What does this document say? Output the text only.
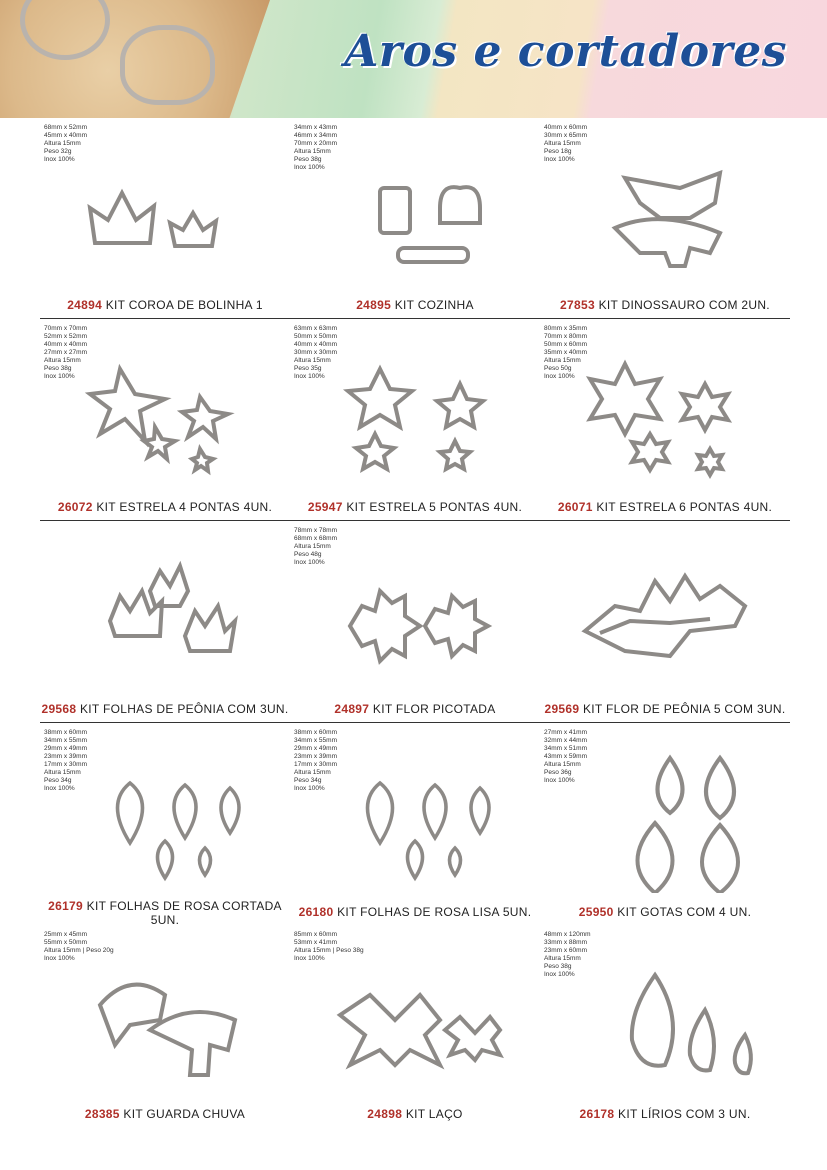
Aros e cortadores
68mm x 52mm
45mm x 40mm
Altura 15mm
Peso 32g
Inox 100%
24894 KIT COROA DE BOLINHA 1
34mm x 43mm
46mm x 34mm
70mm x 20mm
Altura 15mm
Peso 38g
Inox 100%
24895 KIT COZINHA
40mm x 60mm
30mm x 65mm
Altura 15mm
Peso 18g
Inox 100%
27853 KIT DINOSSAURO COM 2UN.
70mm x 70mm
52mm x 52mm
40mm x 40mm
27mm x 27mm
Altura 15mm
Peso 38g
Inox 100%
26072 KIT ESTRELA 4 PONTAS 4UN.
63mm x 63mm
50mm x 50mm
40mm x 40mm
30mm x 30mm
Altura 15mm
Peso 35g
Inox 100%
25947 KIT ESTRELA 5 PONTAS 4UN.
80mm x 35mm
70mm x 80mm
50mm x 60mm
35mm x 40mm
Altura 15mm
Peso 50g
Inox 100%
26071 KIT ESTRELA 6 PONTAS 4UN.
29568 KIT FOLHAS DE PEÔNIA COM 3UN.
78mm x 78mm
68mm x 68mm
Altura 15mm
Peso 48g
Inox 100%
24897 KIT FLOR PICOTADA	29569 KIT FLOR DE PEÔNIA 5 COM 3UN.
38mm x 60mm
34mm x 55mm
29mm x 49mm
23mm x 39mm
17mm x 30mm
Altura 15mm
Peso 34g
Inox 100%
26179 KIT FOLHAS DE ROSA CORTADA 5UN.
38mm x 60mm
34mm x 55mm
29mm x 49mm
23mm x 39mm
17mm x 30mm
Altura 15mm
Peso 34g
Inox 100%
26180 KIT FOLHAS DE ROSA LISA 5UN.
27mm x 41mm
32mm x 44mm
34mm x 51mm
43mm x 59mm
Altura 15mm
Peso 36g
Inox 100%
25950 KIT GOTAS COM 4 UN.
25mm x 45mm
55mm x 50mm
Altura 15mm | Peso 20g
Inox 100%
28385 KIT GUARDA CHUVA
85mm x 60mm
53mm x 41mm
Altura 15mm | Peso 38g
Inox 100%
24898 KIT LAÇO
48mm x 120mm
33mm x 88mm
23mm x 60mm
Altura 15mm
Peso 38g
Inox 100%
26178 KIT LÍRIOS COM 3 UN.
